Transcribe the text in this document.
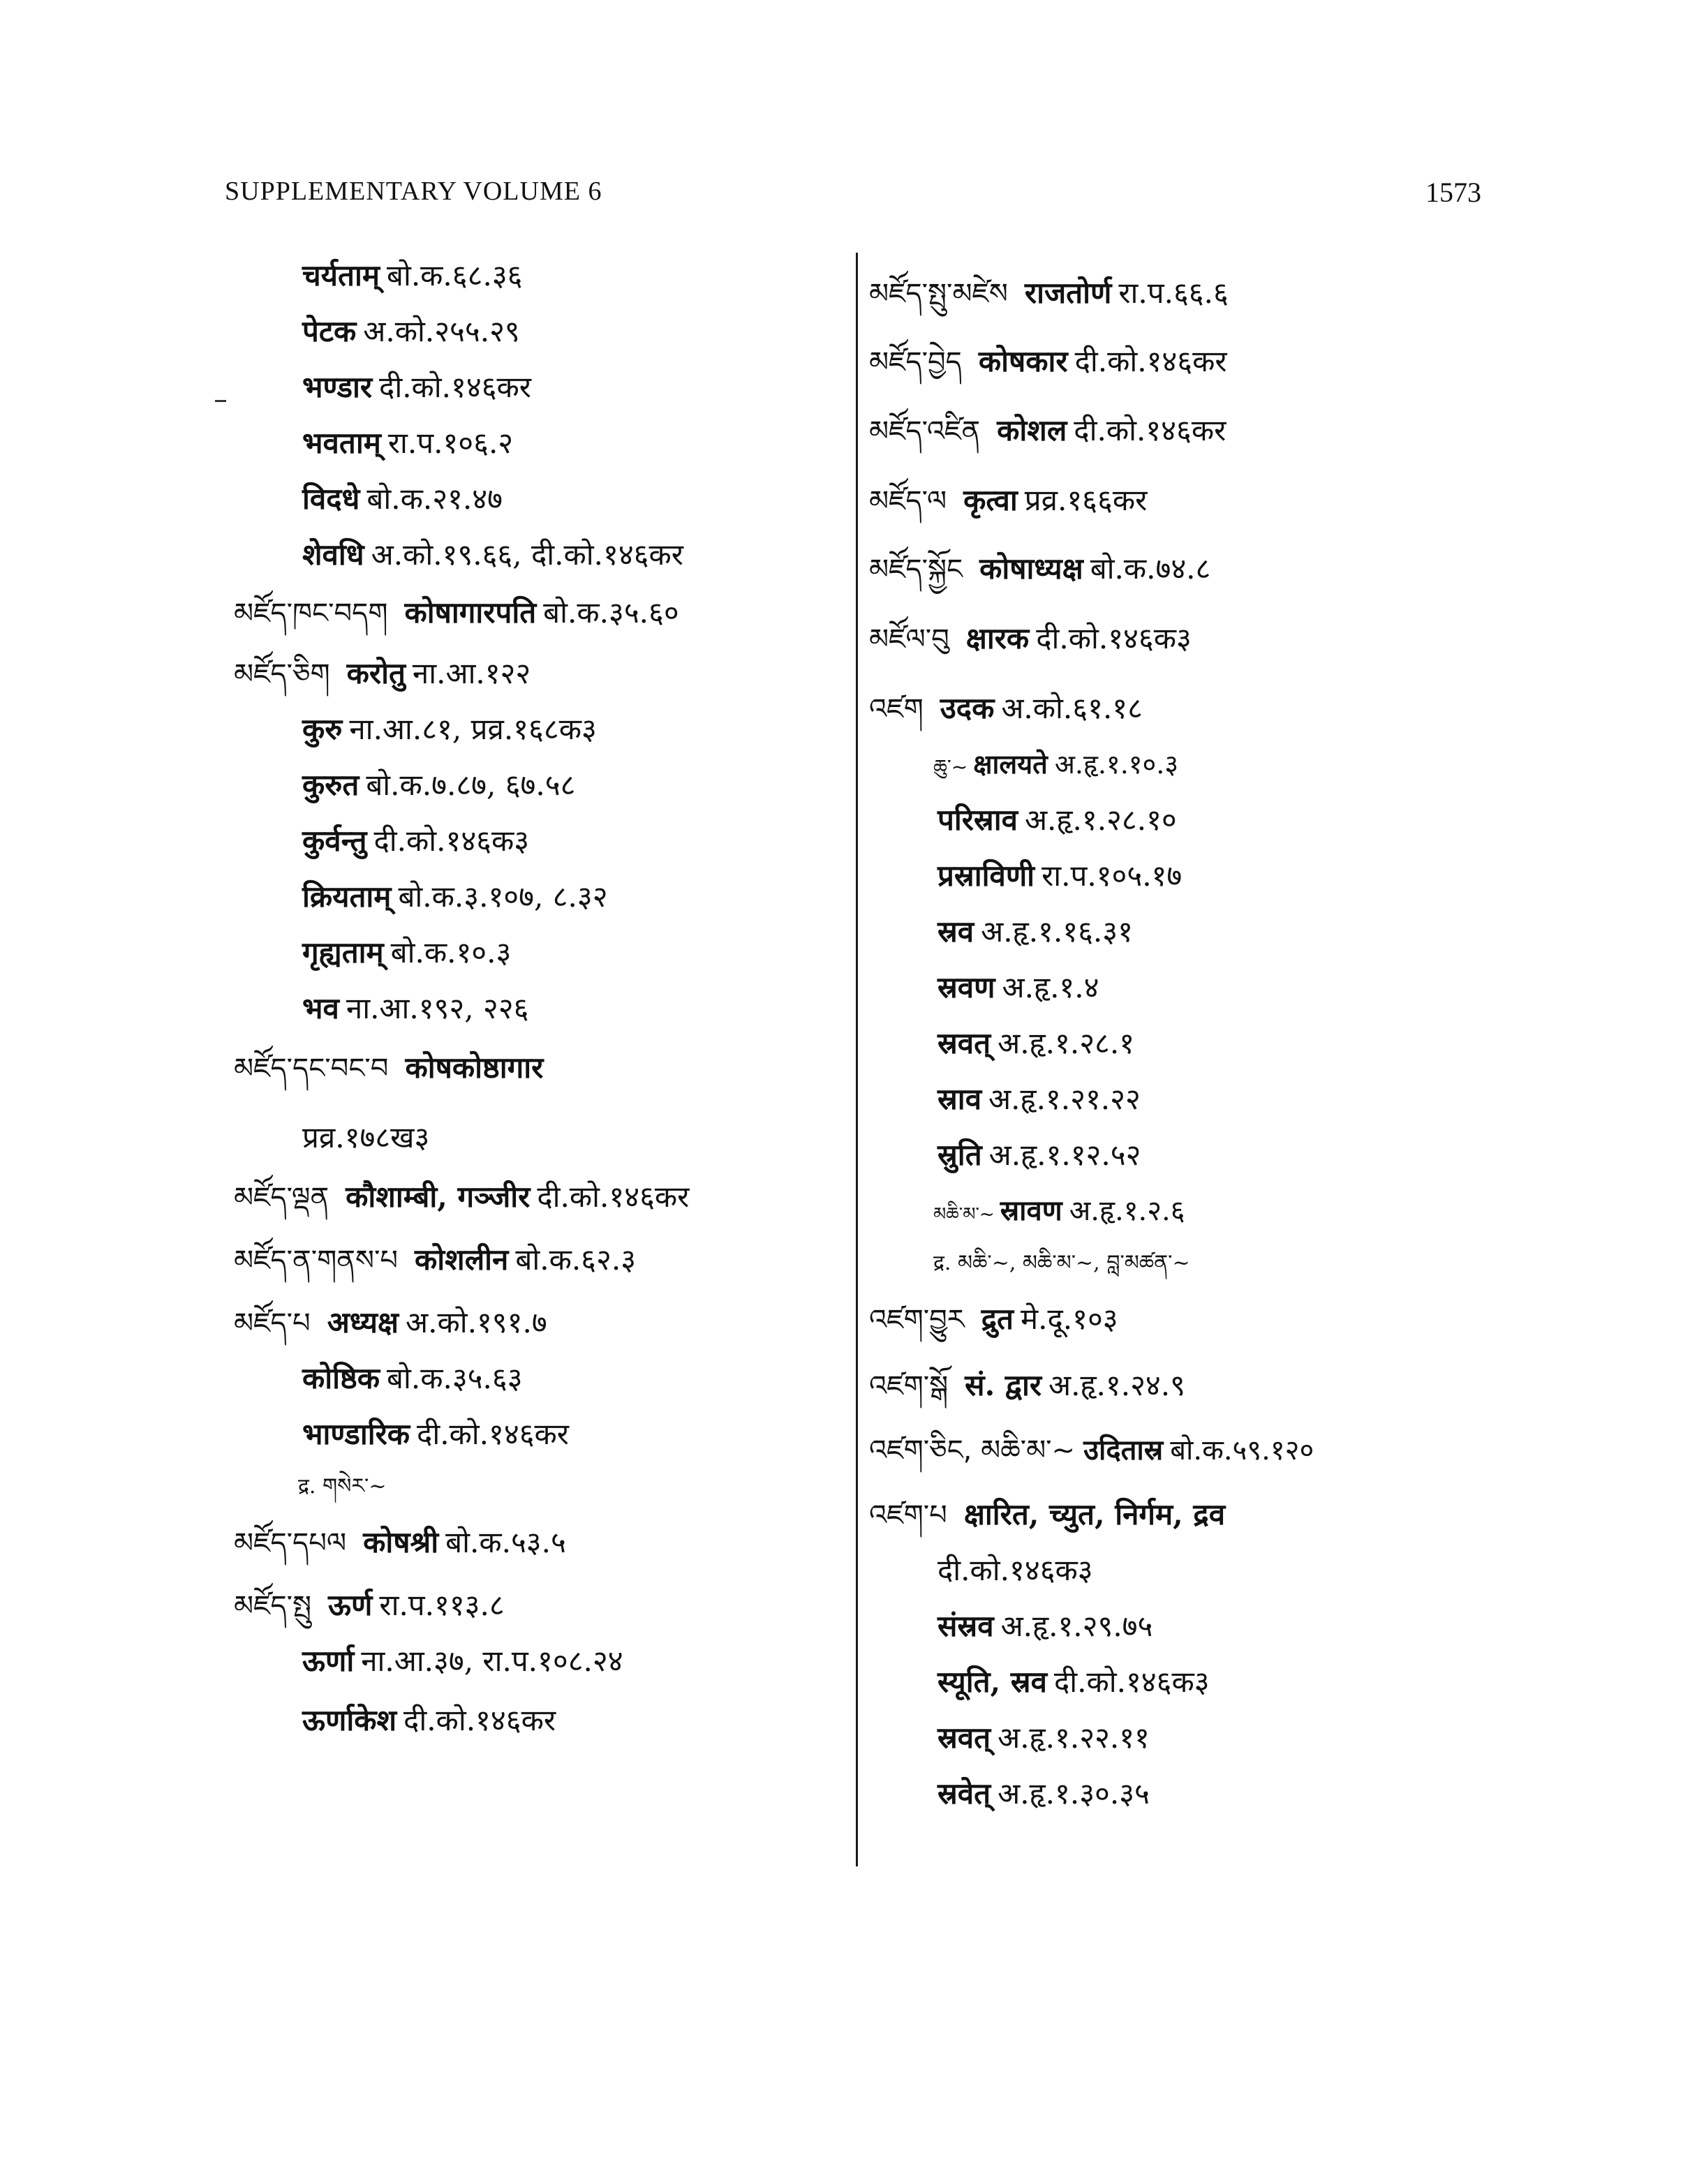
SUPPLEMENTARY VOLUME 6	1573
चर्यताम् बो.क.६८.३६
पेटक अ.को.२५५.२९
भण्डार दी.को.१४६कर
भवताम् रा.प.१०६.२
विदधे बो.क.२१.४७
शेवधि अ.को.१९.६६, दी.को.१४६कर
མཛོད་ཁང་བདག कोषागारपति बो.क.३५.६०
མཛོད་ཅིག करोतु ना.आ.१२२
कुरु ना.आ.८१, प्रव्र.१६८क३
कुरुत बो.क.७.८७, ६७.५८
कुर्वन्तु दी.को.१४६क३
क्रियताम् बो.क.३.१०७, ८.३२
गृह्यताम् बो.क.१०.३
भव ना.आ.१९२, २२६
མཛོད་དང་བང་བ कोषकोष्ठागार
प्रव्र.१७८ख३
མཛོད་ལྡན कौशाम्बी, गञ्जीर दी.को.१४६कर
མཛོད་ན་གནས་པ कोशलीन बो.क.६२.३
མཛོད་པ अध्यक्ष अ.को.१९१.७
कोष्ठिक बो.क.३५.६३
भाण्डारिक दी.को.१४६कर
द्र. གསེར་~
མཛོད་དཔལ कोषश्री बो.क.५३.५
མཛོད་སྤུ ऊर्ण रा.प.११३.८
ऊर्णा ना.आ.३७, रा.प.१०८.२४
ऊर्णाकेश दी.को.१४६कर
མཛོད་སྤུ་མཛེས राजतोर्ण रा.प.६६.६
མཛོད་བྱེད कोषकार दी.को.१४६कर
མཛོད་འཛིན कोशल दी.को.१४६कर
མཛོད་ལ कृत्वा प्रव्र.१६६कर
མཛོད་སྐྱོང कोषाध्यक्ष बो.क.७४.८
མཛོལ་བུ क्षारक दी.को.१४६क३
འཛག उदक अ.को.६१.१८
ཆུ་~ क्षालयते अ.हृ.१.१०.३
परिस्राव अ.हृ.१.२८.१०
प्रस्राविणी रा.प.१०५.१७
स्रव अ.हृ.१.१६.३१
स्रवण अ.हृ.१.४
स्रवत् अ.हृ.१.२८.१
स्राव अ.हृ.१.२१.२२
स्रुति अ.हृ.१.१२.५२
མཆི་མ་~ स्रावण अ.हृ.१.२.६
द्र. མཆི་~, མཆི་མ་~, བླ་མཚན་~
འཛག་བྱུར द्रुत मे.दू.१०३
འཛག་སྒོ सं. द्वार अ.हृ.१.२४.९
འཛག་ཅིང, མཆི་མ་~ उदितास्र बो.क.५९.१२०
འཛག་པ क्षारित, च्युत, निर्गम, द्रव
दी.को.१४६क३
संस्रव अ.हृ.१.२९.७५
स्यूति, स्रव दी.को.१४६क३
स्रवत् अ.हृ.१.२२.११
स्रवेत् अ.हृ.१.३०.३५
